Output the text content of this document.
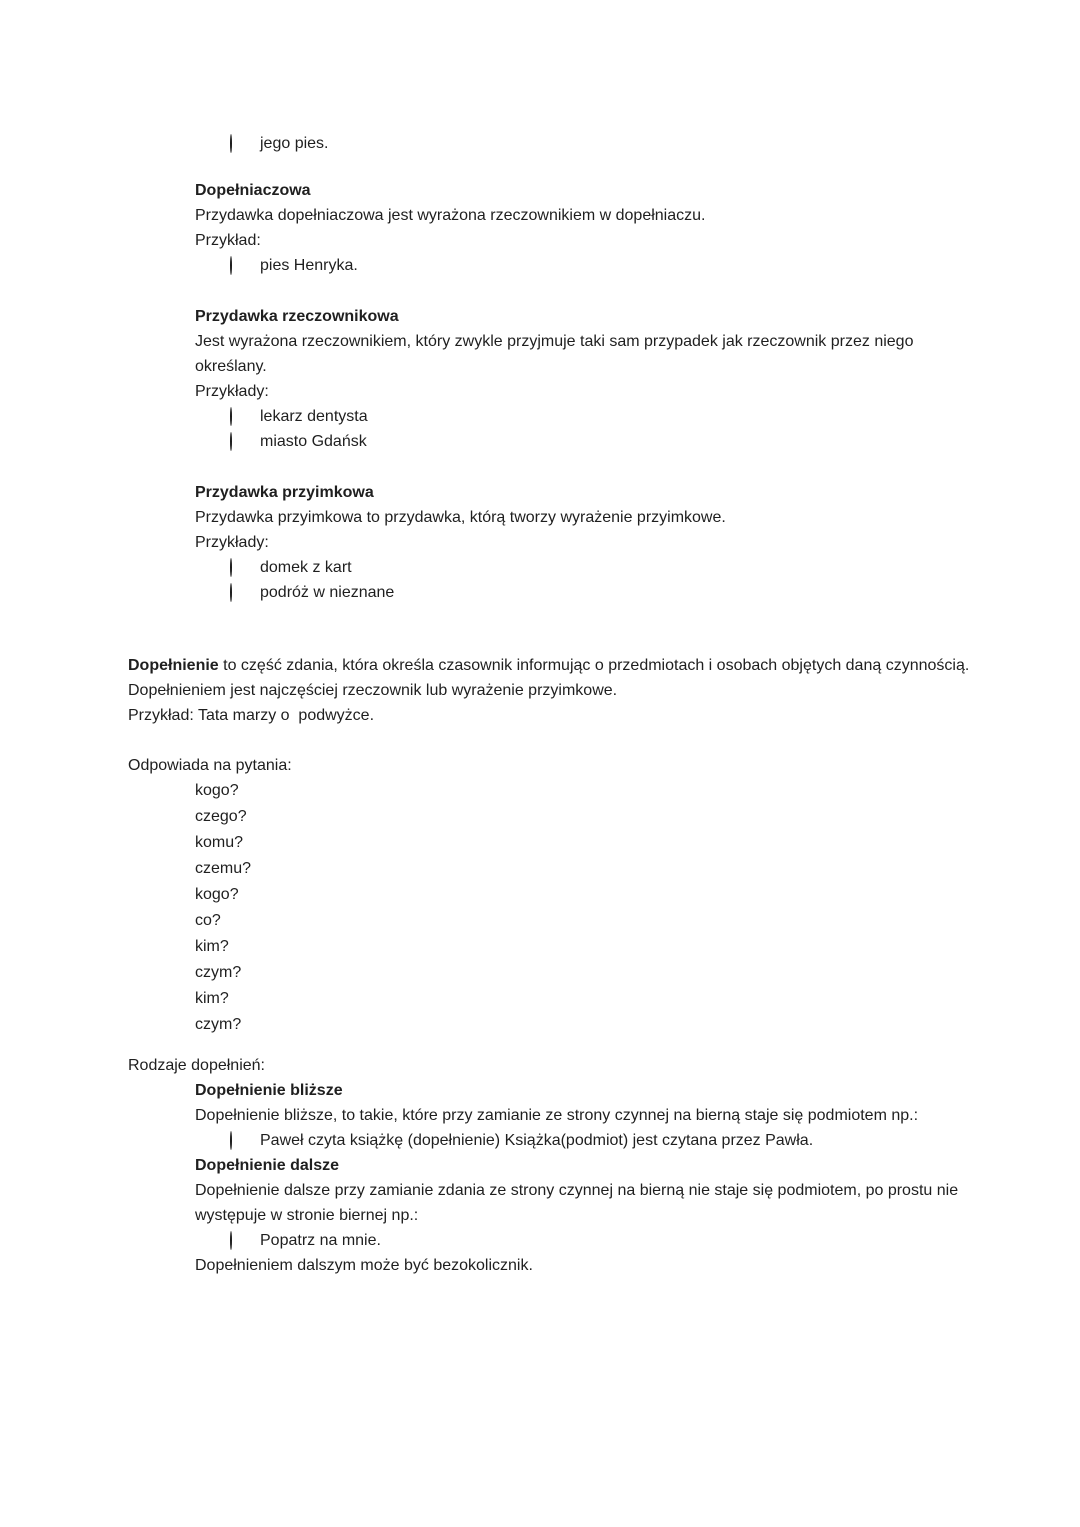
jego pies.
Dopełniaczowa
Przydawka dopełniaczowa jest wyrażona rzeczownikiem w dopełniaczu.
Przykład:
pies Henryka.
Przydawka rzeczownikowa
Jest wyrażona rzeczownikiem, który zwykle przyjmuje taki sam przypadek jak rzeczownik przez niego określany.
Przykłady:
lekarz dentysta
miasto Gdańsk
Przydawka przyimkowa
Przydawka przyimkowa to przydawka, którą tworzy wyrażenie przyimkowe.
Przykłady:
domek z kart
podróż w nieznane
Dopełnienie to część zdania, która określa czasownik informując o przedmiotach i osobach objętych daną czynnością. Dopełnieniem jest najczęściej rzeczownik lub wyrażenie przyimkowe.
Przykład: Tata marzy o  podwyżce.
Odpowiada na pytania:
kogo?
czego?
komu?
czemu?
kogo?
co?
kim?
czym?
kim?
czym?
Rodzaje dopełnień:
Dopełnienie bliższe
Dopełnienie bliższe, to takie, które przy zamianie ze strony czynnej na bierną staje się podmiotem np.:
Paweł czyta książkę (dopełnienie) Książka(podmiot) jest czytana przez Pawła.
Dopełnienie dalsze
Dopełnienie dalsze przy zamianie zdania ze strony czynnej na bierną nie staje się podmiotem, po prostu nie występuje w stronie biernej np.:
Popatrz na mnie.
Dopełnieniem dalszym może być bezokolicznik.
